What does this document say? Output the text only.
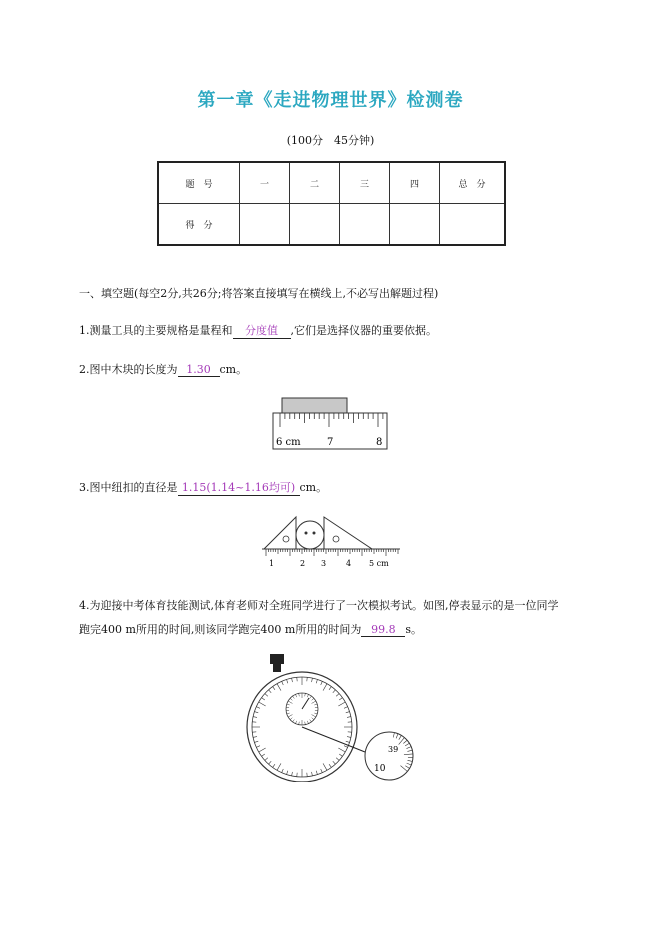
第一章《走进物理世界》检测卷
(100分　45分钟)
题　号	一	二	三	四	总　分
得　分					
一、填空题(每空2分,共26分;将答案直接填写在横线上,不必写出解题过程)
1.测量工具的主要规格是量程和 分度值 ,它们是选择仪器的重要依据。
2.图中木块的长度为 1.30 cm。
6 cm	7	8
3.图中纽扣的直径是 1.15(1.14~1.16均可) cm。
1	2 3 4 5 cm
4.为迎接中考体育技能测试,体育老师对全班同学进行了一次模拟考试。如图,停表显示的是一位同学
跑完400 m所用的时间,则该同学跑完400 m所用的时间为 99.8 s。
39
10
